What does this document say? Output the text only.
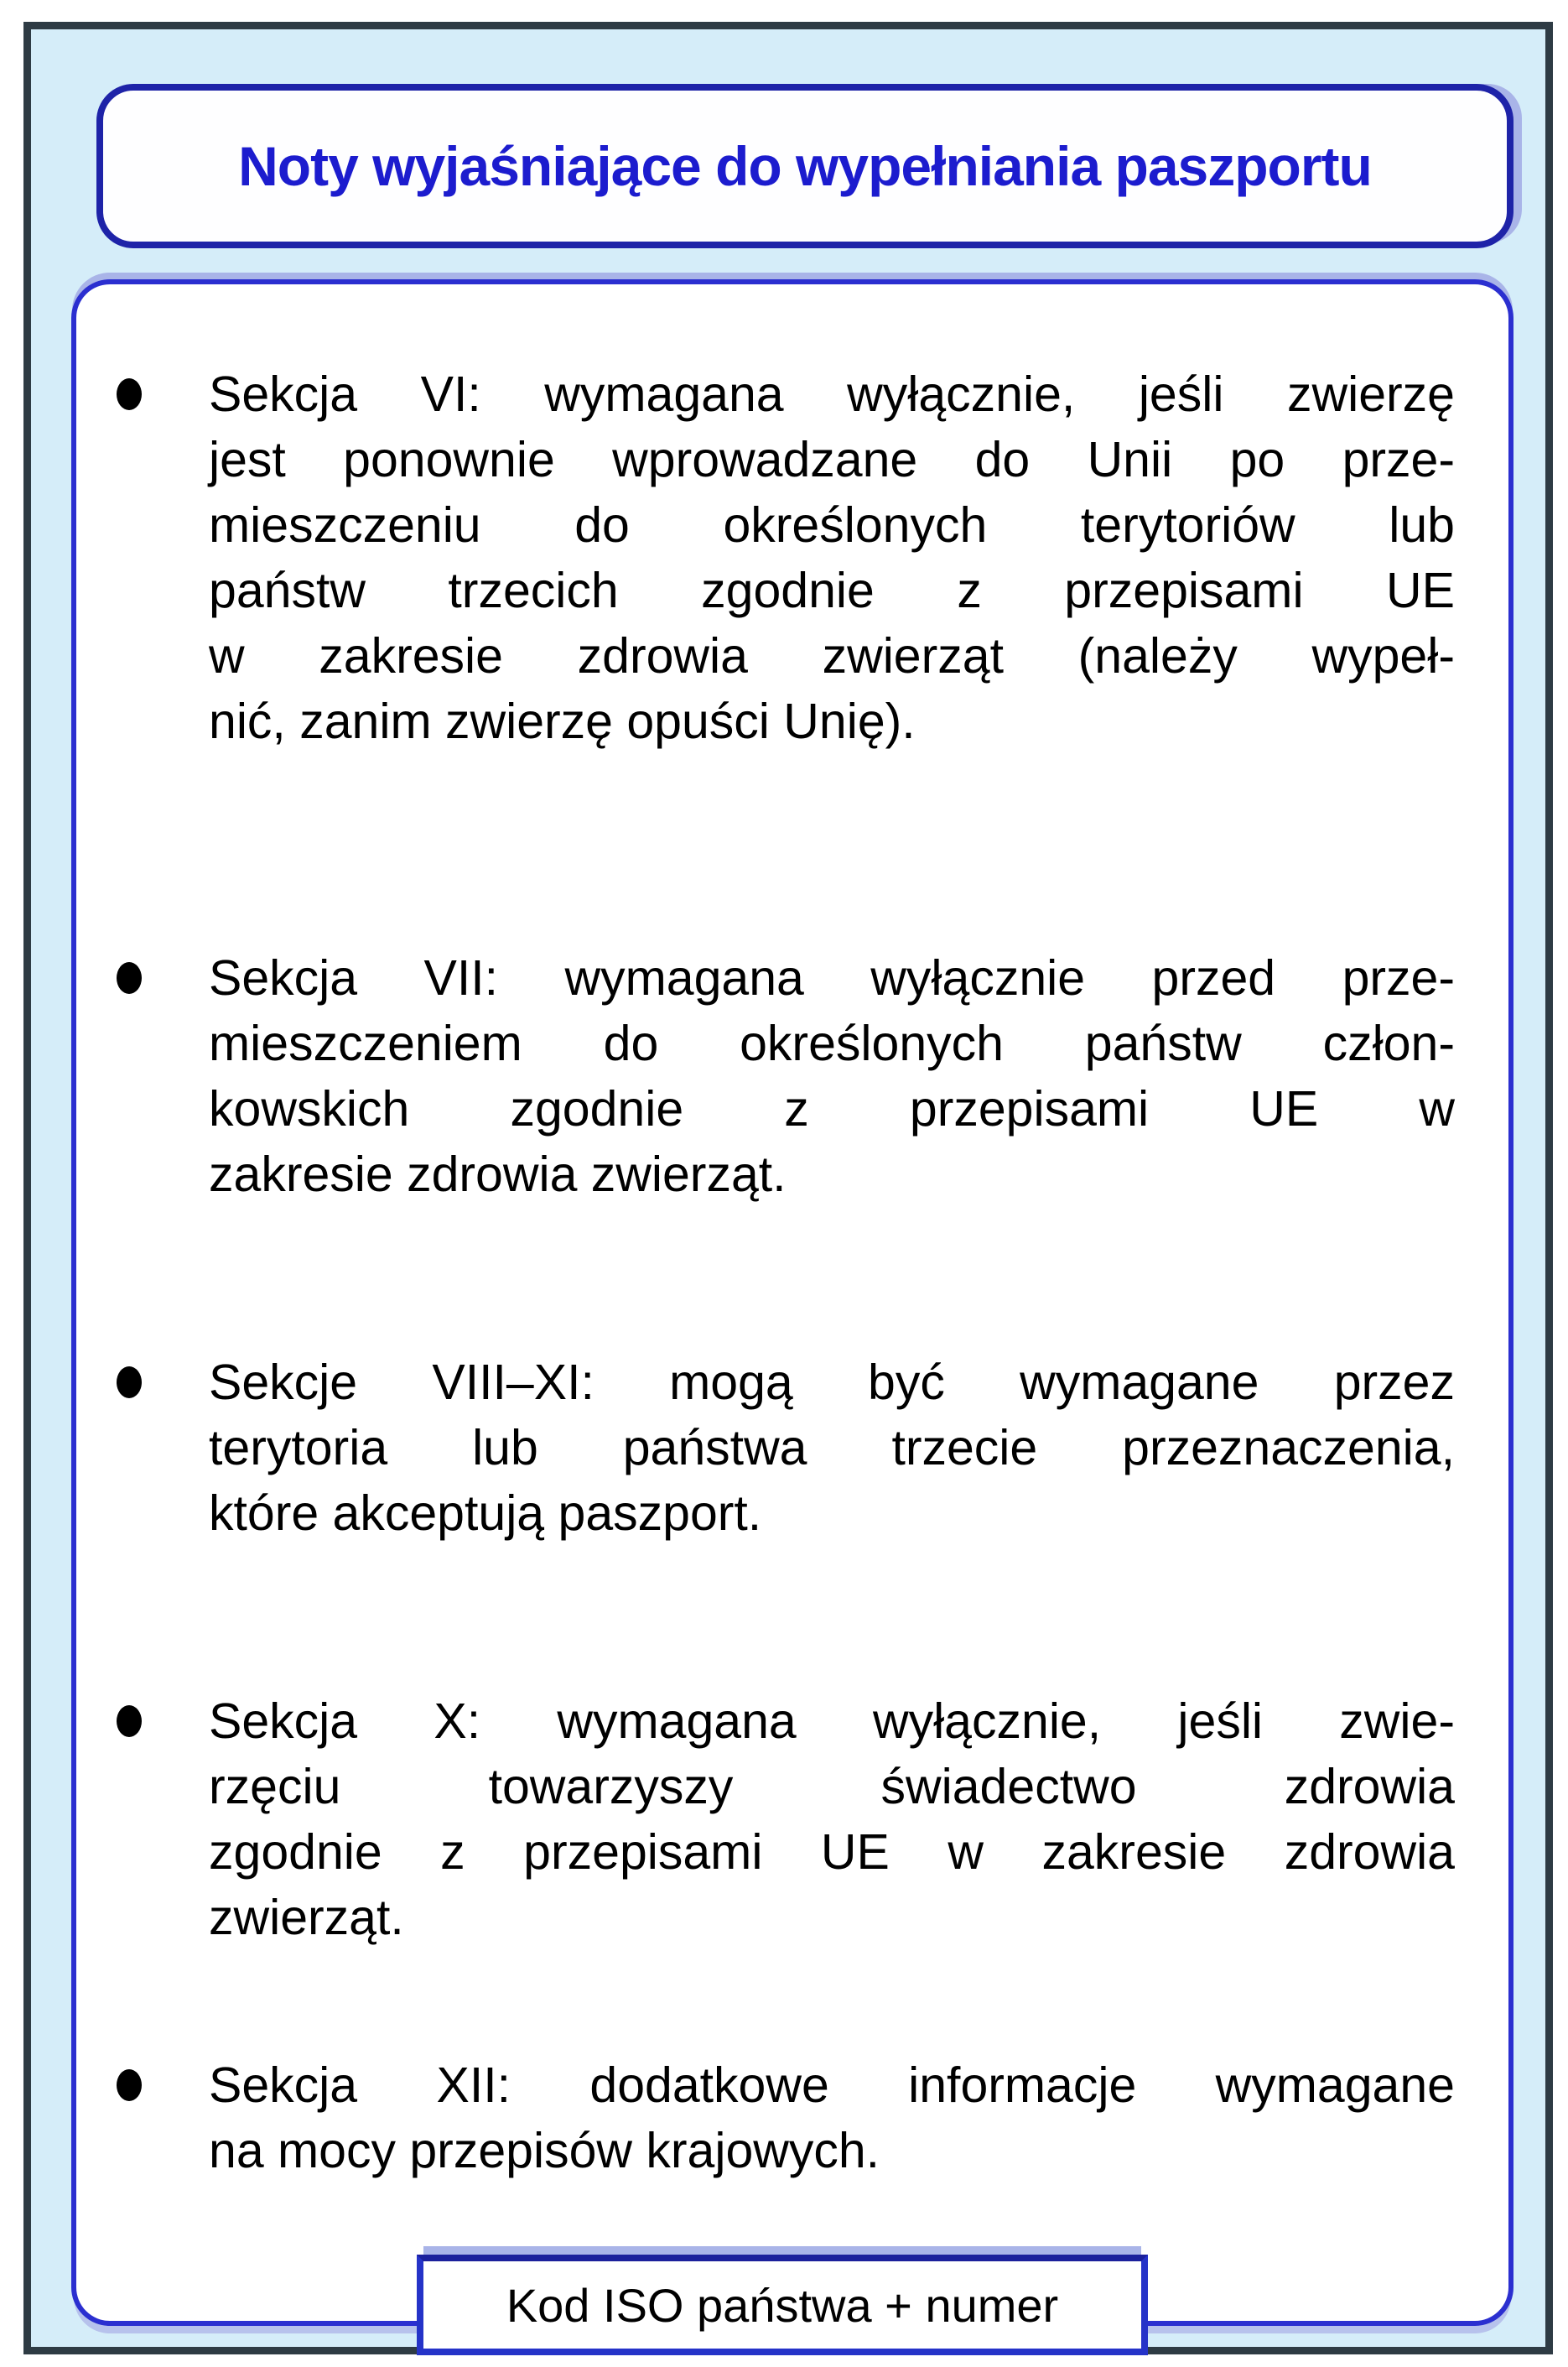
Noty wyjaśniające do wypełniania paszportu
Sekcja VI: wymagana wyłącznie, jeśli zwierzę
jest ponownie wprowadzane do Unii po prze-
mieszczeniu do określonych terytoriów lub
państw trzecich zgodnie z przepisami UE
w zakresie zdrowia zwierząt (należy wypeł-
nić, zanim zwierzę opuści Unię).
Sekcja VII: wymagana wyłącznie przed prze-
mieszczeniem do określonych państw człon-
kowskich zgodnie z przepisami UE w
zakresie zdrowia zwierząt.
Sekcje VIII–XI: mogą być wymagane przez
terytoria lub państwa trzecie przeznaczenia,
które akceptują paszport.
Sekcja X: wymagana wyłącznie, jeśli zwie-
rzęciu towarzyszy świadectwo zdrowia
zgodnie z przepisami UE w zakresie zdrowia
zwierząt.
Sekcja XII: dodatkowe informacje wymagane
na mocy przepisów krajowych.
Kod ISO państwa + numer
